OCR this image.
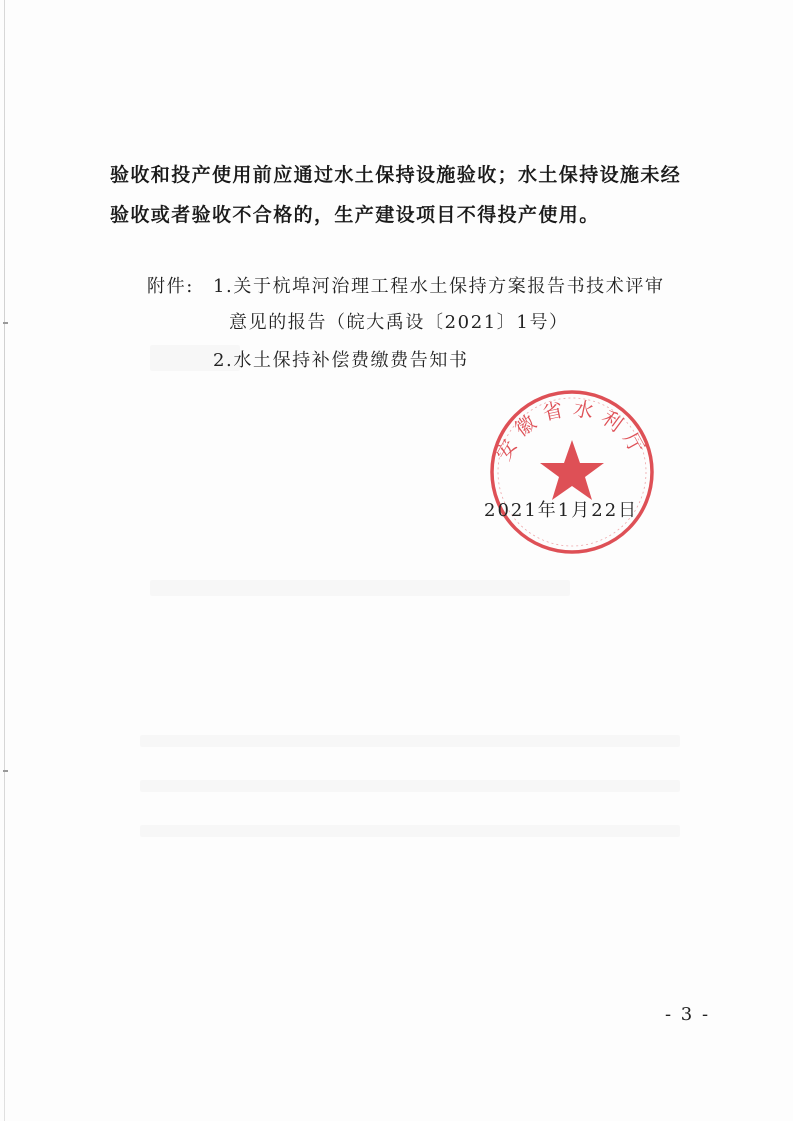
验收和投产使用前应通过水土保持设施验收；水土保持设施未经
验收或者验收不合格的，生产建设项目不得投产使用。
附件: 1.关于杭埠河治理工程水土保持方案报告书技术评审
意见的报告（皖大禹设〔2021〕1号）
2.水土保持补偿费缴费告知书
安徽省水利厅
2021年1月22日
- 3 -
